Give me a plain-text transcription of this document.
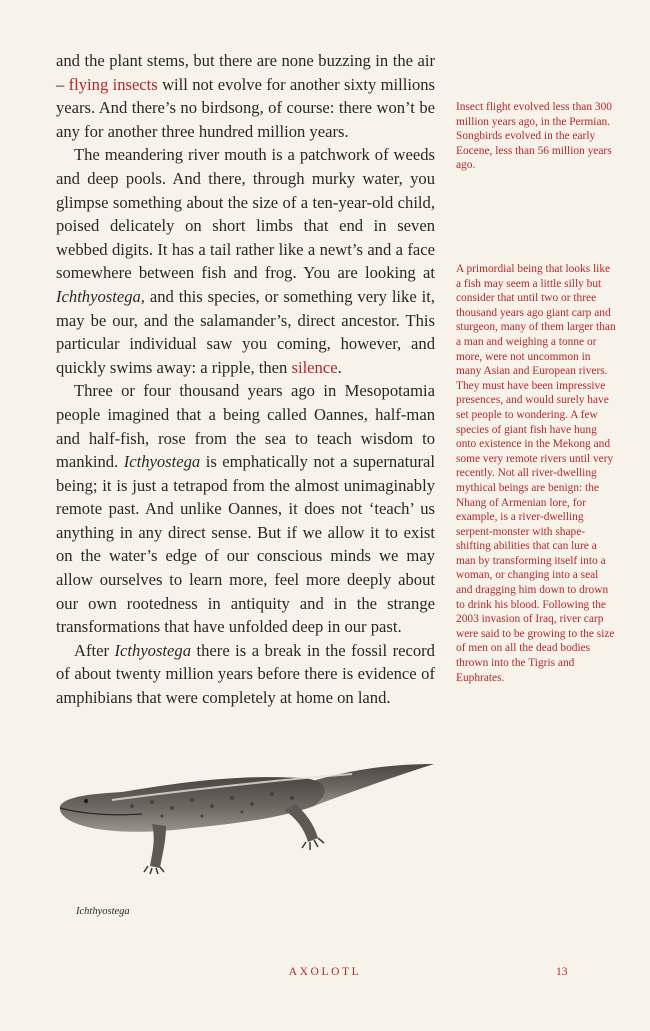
and the plant stems, but there are none buzzing in the air – flying insects will not evolve for another sixty millions years. And there’s no birdsong, of course: there won’t be any for another three hundred million years.

The meandering river mouth is a patchwork of weeds and deep pools. And there, through murky water, you glimpse something about the size of a ten-year-old child, poised delicately on short limbs that end in seven webbed digits. It has a tail rather like a newt’s and a face somewhere between fish and frog. You are looking at Ichthyostega, and this species, or something very like it, may be our, and the salamander’s, direct ancestor. This particular individual saw you coming, however, and quickly swims away: a ripple, then silence.

Three or four thousand years ago in Mesopotamia people imagined that a being called Oannes, half-man and half-fish, rose from the sea to teach wisdom to mankind. Icthyostega is emphatically not a supernatural being; it is just a tetrapod from the almost unimaginably remote past. And unlike Oannes, it does not ‘teach’ us anything in any direct sense. But if we allow it to exist on the water’s edge of our conscious minds we may allow ourselves to learn more, feel more deeply about our own rootedness in antiquity and in the strange transformations that have unfolded deep in our past.

After Icthyostega there is a break in the fossil record of about twenty million years before there is evidence of amphibians that were completely at home on land.

Insect flight evolved less than 300 million years ago, in the Permian. Songbirds evolved in the early Eocene, less than 56 million years ago.
A primordial being that looks like a fish may seem a little silly but consider that until two or three thousand years ago giant carp and sturgeon, many of them larger than a man and weighing a tonne or more, were not uncommon in many Asian and European rivers. They must have been impressive presences, and would surely have set people to wondering. A few species of giant fish have hung onto existence in the Mekong and some very remote rivers until very recently. Not all river-dwelling mythical beings are benign: the Nhang of Armenian lore, for example, is a river-dwelling serpent-monster with shape-shifting abilities that can lure a man by transforming itself into a woman, or changing into a seal and dragging him down to drown to drink his blood. Following the 2003 invasion of Iraq, river carp were said to be growing to the size of men on all the dead bodies thrown into the Tigris and Euphrates.
Ichthyostega
AXOLOTL	13
